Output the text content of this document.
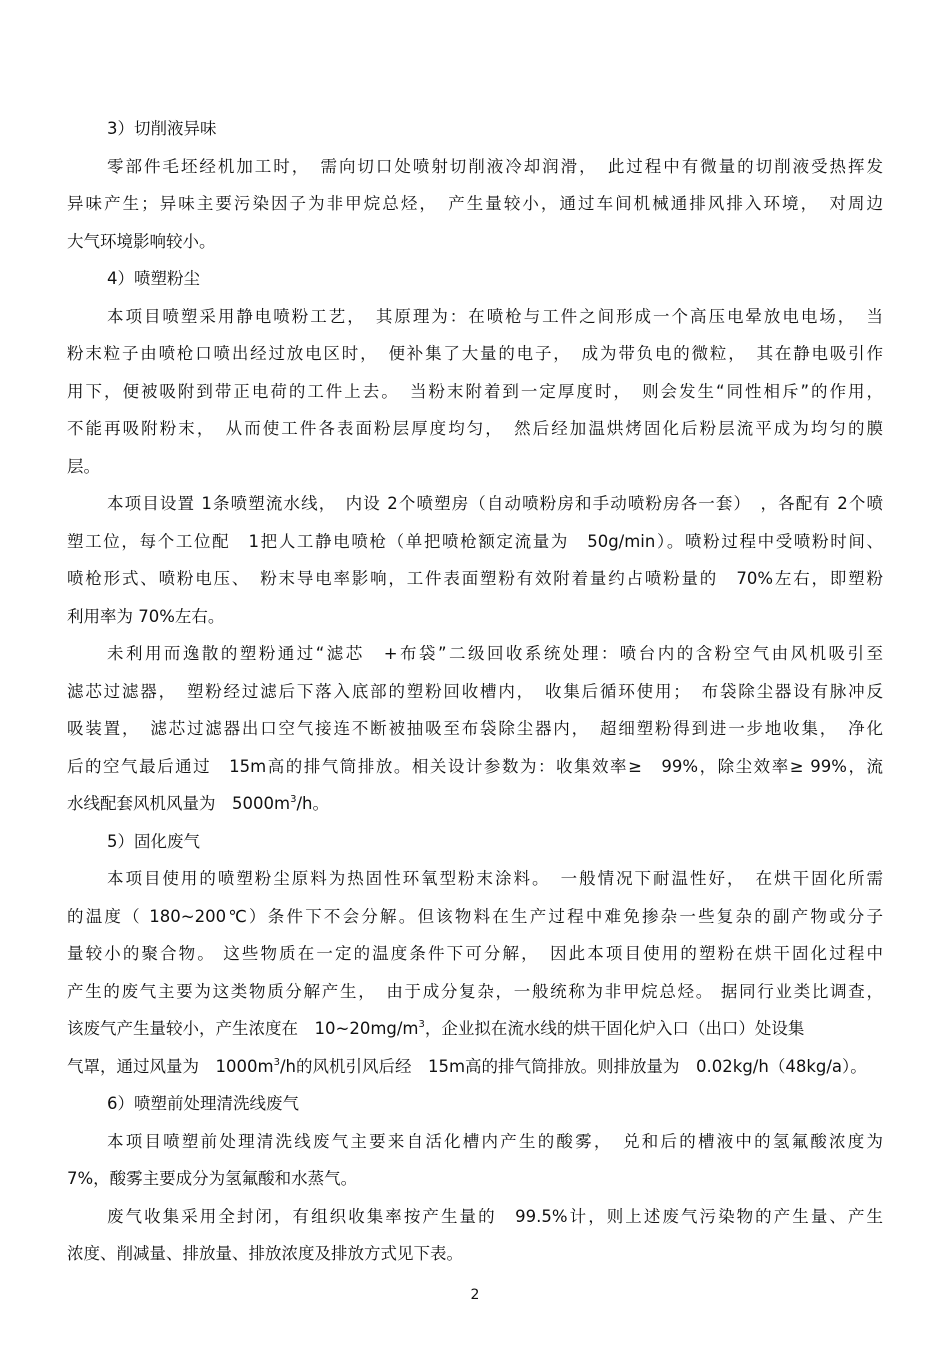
3）切削液异味
零部件毛坯经机加工时，　需向切口处喷射切削液冷却润滑，　此过程中有微量的切削液受热挥发
异味产生；异味主要污染因子为非甲烷总烃，　产生量较小，通过车间机械通排风排入环境，　对周边
大气环境影响较小。
4）喷塑粉尘
本项目喷塑采用静电喷粉工艺，　其原理为：在喷枪与工件之间形成一个高压电晕放电电场，　当
粉末粒子由喷枪口喷出经过放电区时，　便补集了大量的电子，　成为带负电的微粒，　其在静电吸引作
用下，便被吸附到带正电荷的工件上去。　当粉末附着到一定厚度时，　则会发生“同性相斥”的作用，
不能再吸附粉末，　从而使工件各表面粉层厚度均匀，　然后经加温烘烤固化后粉层流平成为均匀的膜
层。
本项目设置 1条喷塑流水线，　内设 2个喷塑房（自动喷粉房和手动喷粉房各一套）　，各配有 2个喷
塑工位，每个工位配　1把人工静电喷枪（单把喷枪额定流量为　50g/min）。喷粉过程中受喷粉时间、
喷枪形式、喷粉电压、　粉末导电率影响，工件表面塑粉有效附着量约占喷粉量的　70%左右，即塑粉
利用率为 70%左右。
未利用而逸散的塑粉通过“滤芯　+布袋”二级回收系统处理：喷台内的含粉空气由风机吸引至
滤芯过滤器，　塑粉经过滤后下落入底部的塑粉回收槽内，　收集后循环使用；　布袋除尘器设有脉冲反
吸装置，　滤芯过滤器出口空气接连不断被抽吸至布袋除尘器内，　超细塑粉得到进一步地收集，　净化
后的空气最后通过　15m高的排气筒排放。相关设计参数为：收集效率≥　99%，除尘效率≥ 99%，流
水线配套风机风量为　$5000m^3/h$。
5）固化废气
本项目使用的喷塑粉尘原料为热固性环氧型粉末涂料。　一般情况下耐温性好，　在烘干固化所需
的温度（ 180~200℃）条件下不会分解。但该物料在生产过程中难免掺杂一些复杂的副产物或分子
量较小的聚合物。 这些物质在一定的温度条件下可分解，　因此本项目使用的塑粉在烘干固化过程中
产生的废气主要为这类物质分解产生，　由于成分复杂，一般统称为非甲烷总烃。 据同行业类比调查，
该废气产生量较小，产生浓度在　$10\sim 20mg/m^3$，企业拟在流水线的烘干固化炉入口（出口）处设集
气罩，通过风量为　$1000m^3/h$的风机引风后经　15m高的排气筒排放。则排放量为　0.02kg/h（48kg/a）。
6）喷塑前处理清洗线废气
本项目喷塑前处理清洗线废气主要来自活化槽内产生的酸雾，　兑和后的槽液中的氢氟酸浓度为
7%，酸雾主要成分为氢氟酸和水蒸气。
废气收集采用全封闭，有组织收集率按产生量的　99.5%计，则上述废气污染物的产生量、产生
浓度、削减量、排放量、排放浓度及排放方式见下表。
2
